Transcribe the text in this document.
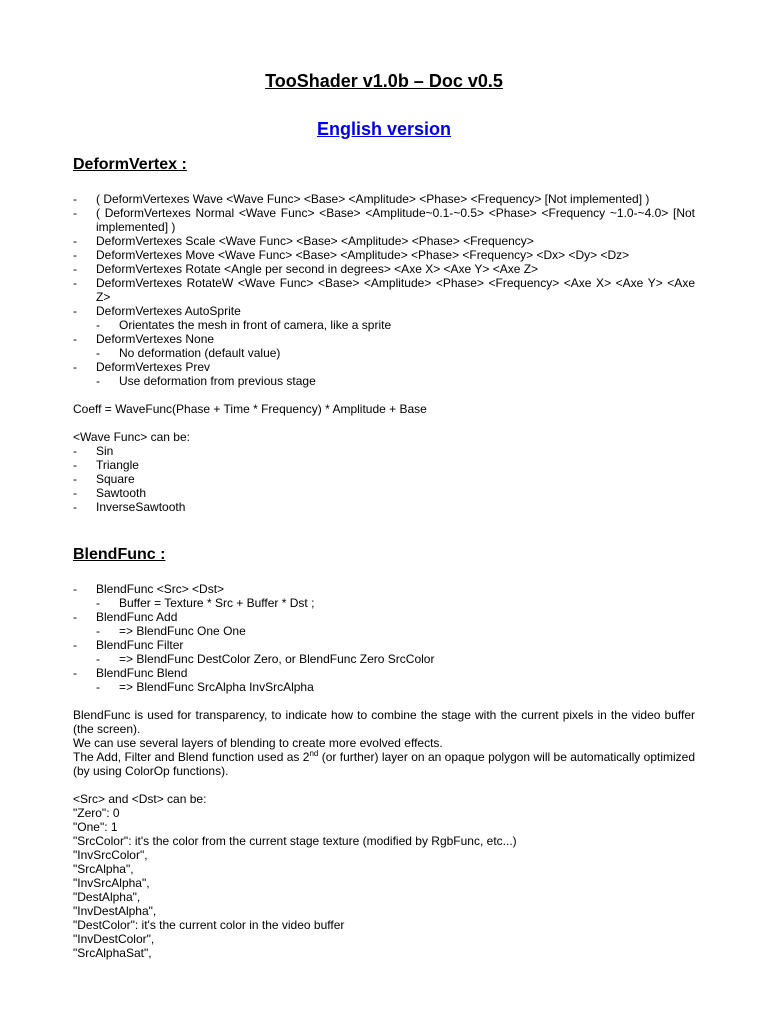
TooShader v1.0b – Doc v0.5
English version
DeformVertex :
- ( DeformVertexes Wave <Wave Func> <Base> <Amplitude> <Phase> <Frequency> [Not implemented] )
- ( DeformVertexes Normal <Wave Func> <Base> <Amplitude~0.1-~0.5> <Phase> <Frequency ~1.0-~4.0> [Not implemented] )
- DeformVertexes Scale <Wave Func> <Base> <Amplitude> <Phase> <Frequency>
- DeformVertexes Move <Wave Func> <Base> <Amplitude> <Phase> <Frequency> <Dx> <Dy> <Dz>
- DeformVertexes Rotate <Angle per second in degrees> <Axe X> <Axe Y> <Axe Z>
- DeformVertexes RotateW <Wave Func> <Base> <Amplitude> <Phase> <Frequency> <Axe X> <Axe Y> <Axe Z>
- DeformVertexes AutoSprite
- Orientates the mesh in front of camera, like a sprite
- DeformVertexes None
- No deformation (default value)
- DeformVertexes Prev
- Use deformation from previous stage

Coeff = WaveFunc(Phase + Time * Frequency) * Amplitude + Base

<Wave Func> can be:

- Sin
- Triangle
- Square
- Sawtooth
- InverseSawtooth
BlendFunc :
- BlendFunc <Src> <Dst>
- Buffer = Texture * Src + Buffer * Dst ;
- BlendFunc Add
- => BlendFunc One One
- BlendFunc Filter
- => BlendFunc DestColor Zero, or BlendFunc Zero SrcColor
- BlendFunc Blend
- => BlendFunc SrcAlpha InvSrcAlpha

BlendFunc is used for transparency, to indicate how to combine the stage with the current pixels in the video buffer (the screen).

We can use several layers of blending to create more evolved effects.

The Add, Filter and Blend function used as 2nd (or further) layer on an opaque polygon will be automatically optimized (by using ColorOp functions).

<Src> and <Dst> can be:

"Zero": 0

"One": 1

"SrcColor": it's the color from the current stage texture (modified by RgbFunc, etc...)

"InvSrcColor",

"SrcAlpha",

"InvSrcAlpha",

"DestAlpha",

"InvDestAlpha",

"DestColor": it's the current color in the video buffer

"InvDestColor",

"SrcAlphaSat",
